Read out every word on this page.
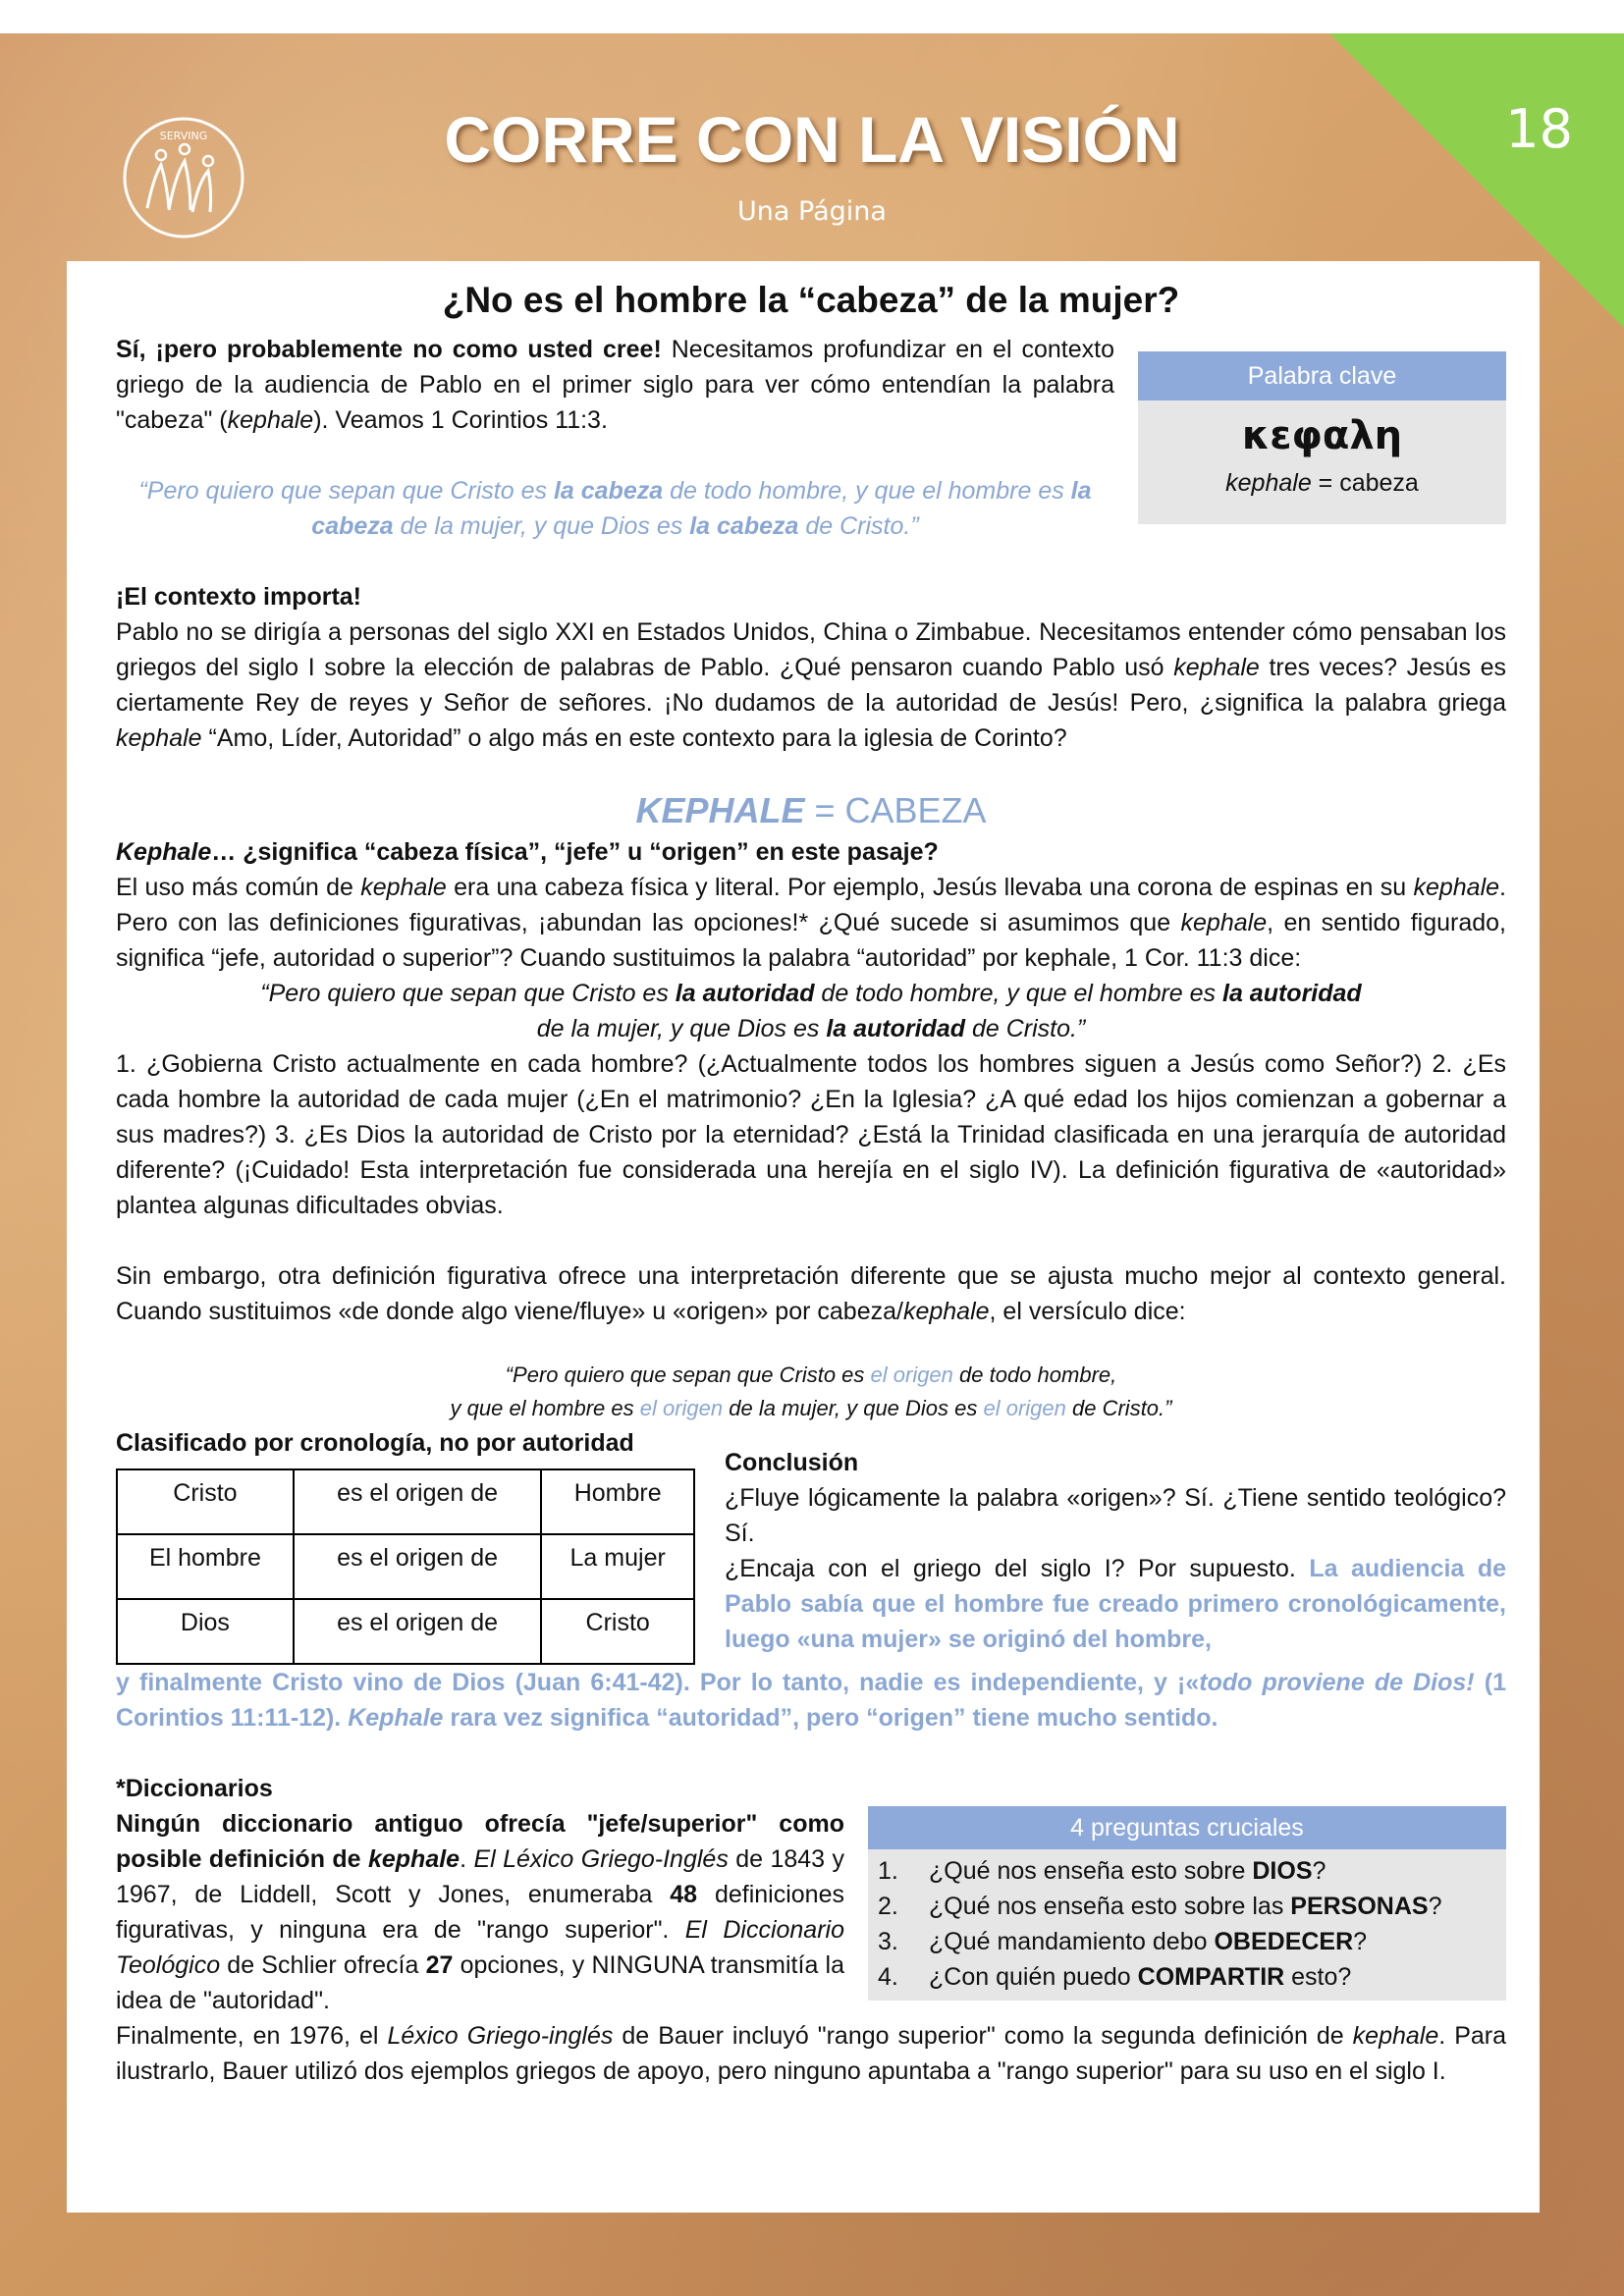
18
SERVING	CORRE CON LA VISIÓN
Una Página

¿No es el hombre la “cabeza” de la mujer?

Palabra clave
κεφαλη
kephale = cabeza

Sí, ¡pero probablemente no como usted cree! Necesitamos profundizar en el contexto griego de la audiencia de Pablo en el primer siglo para ver cómo entendían la palabra "cabeza" (kephale). Veamos 1 Corintios 11:3.

“Pero quiero que sepan que Cristo es la cabeza de todo hombre, y que el hombre es la cabeza de la mujer, y que Dios es la cabeza de Cristo.”

¡El contexto importa!

Pablo no se dirigía a personas del siglo XXI en Estados Unidos, China o Zimbabue. Necesitamos entender cómo pensaban los griegos del siglo I sobre la elección de palabras de Pablo. ¿Qué pensaron cuando Pablo usó kephale tres veces? Jesús es ciertamente Rey de reyes y Señor de señores. ¡No dudamos de la autoridad de Jesús! Pero, ¿significa la palabra griega kephale “Amo, Líder, Autoridad” o algo más en este contexto para la iglesia de Corinto?

KEPHALE = CABEZA

Kephale… ¿significa “cabeza física”, “jefe” u “origen” en este pasaje?

El uso más común de kephale era una cabeza física y literal. Por ejemplo, Jesús llevaba una corona de espinas en su kephale. Pero con las definiciones figurativas, ¡abundan las opciones!* ¿Qué sucede si asumimos que kephale, en sentido figurado, significa “jefe, autoridad o superior”? Cuando sustituimos la palabra “autoridad” por kephale, 1 Cor. 11:3 dice:

“Pero quiero que sepan que Cristo es la autoridad de todo hombre, y que el hombre es la autoridad de la mujer, y que Dios es la autoridad de Cristo.”

1. ¿Gobierna Cristo actualmente en cada hombre? (¿Actualmente todos los hombres siguen a Jesús como Señor?) 2. ¿Es cada hombre la autoridad de cada mujer (¿En el matrimonio? ¿En la Iglesia? ¿A qué edad los hijos comienzan a gobernar a sus madres?) 3. ¿Es Dios la autoridad de Cristo por la eternidad? ¿Está la Trinidad clasificada en una jerarquía de autoridad diferente? (¡Cuidado! Esta interpretación fue considerada una herejía en el siglo IV). La definición figurativa de «autoridad» plantea algunas dificultades obvias.

Sin embargo, otra definición figurativa ofrece una interpretación diferente que se ajusta mucho mejor al contexto general. Cuando sustituimos «de donde algo viene/fluye» u «origen» por cabeza/kephale, el versículo dice:

“Pero quiero que sepan que Cristo es el origen de todo hombre,

y que el hombre es el origen de la mujer, y que Dios es el origen de Cristo.”

Clasificado por cronología, no por autoridad

Cristo	es el origen de	Hombre
El hombre	es el origen de	La mujer
Dios	es el origen de	Cristo

Conclusión

¿Fluye lógicamente la palabra «origen»? Sí. ¿Tiene sentido teológico? Sí.

¿Encaja con el griego del siglo I? Por supuesto. La audiencia de Pablo sabía que el hombre fue creado primero cronológicamente, luego «una mujer» se originó del hombre,

y finalmente Cristo vino de Dios (Juan 6:41-42). Por lo tanto, nadie es independiente, y ¡«todo proviene de Dios! (1 Corintios 11:11-12). Kephale rara vez significa “autoridad”, pero “origen” tiene mucho sentido.

*Diccionarios

4 preguntas cruciales
1.	¿Qué nos enseña esto sobre DIOS?
2.	¿Qué nos enseña esto sobre las PERSONAS?
3.	¿Qué mandamiento debo OBEDECER?
4.	¿Con quién puedo COMPARTIR esto?

Ningún diccionario antiguo ofrecía "jefe/superior" como posible definición de kephale. El Léxico Griego-Inglés de 1843 y 1967, de Liddell, Scott y Jones, enumeraba 48 definiciones figurativas, y ninguna era de "rango superior". El Diccionario Teológico de Schlier ofrecía 27 opciones, y NINGUNA transmitía la idea de "autoridad".

Finalmente, en 1976, el Léxico Griego-inglés de Bauer incluyó "rango superior" como la segunda definición de kephale. Para ilustrarlo, Bauer utilizó dos ejemplos griegos de apoyo, pero ninguno apuntaba a "rango superior" para su uso en el siglo I.
